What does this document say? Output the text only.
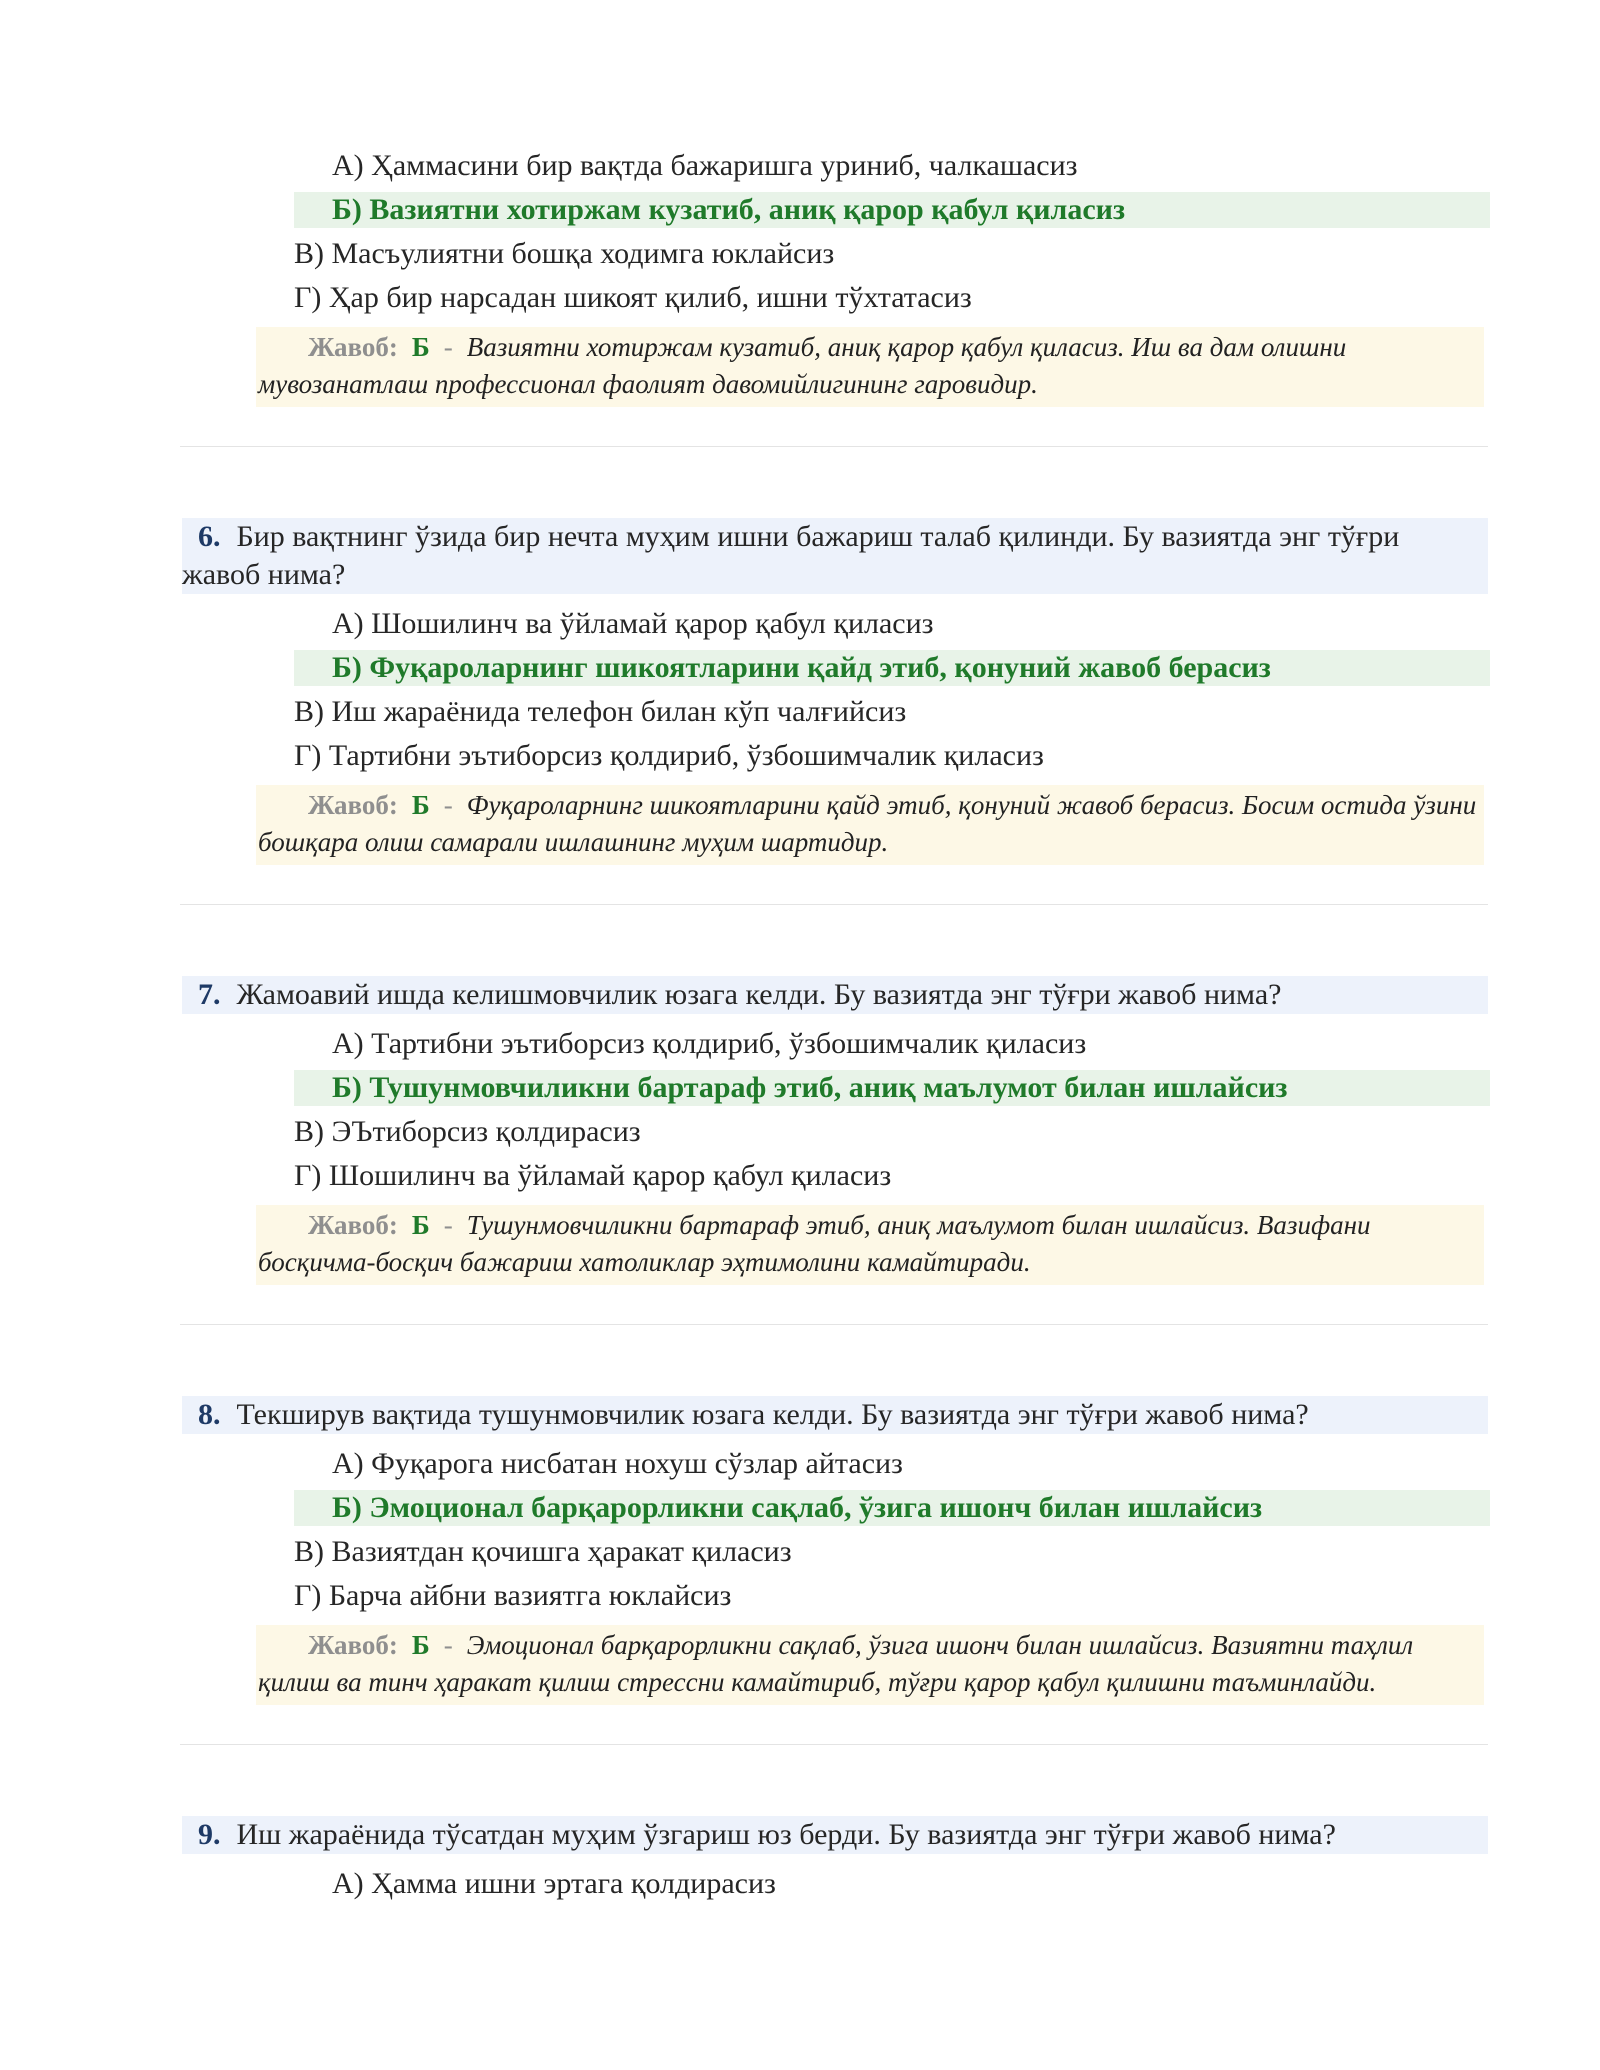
А) Ҳаммасини бир вақтда бажаришга уриниб, чалкашасиз
Б) Вазиятни хотиржам кузатиб, аниқ қарор қабул қиласиз
В) Масъулиятни бошқа ходимга юклайсиз
Г) Ҳар бир нарсадан шикоят қилиб, ишни тўхтатасиз
Жавоб: Б - Вазиятни хотиржам кузатиб, аниқ қарор қабул қиласиз. Иш ва дам олишни мувозанатлаш профессионал фаолият давомийлигининг гаровидир.
6. Бир вақтнинг ўзида бир нечта муҳим ишни бажариш талаб қилинди. Бу вазиятда энг тўғри жавоб нима?
А) Шошилинч ва ўйламай қарор қабул қиласиз
Б) Фуқароларнинг шикоятларини қайд этиб, қонуний жавоб берасиз
В) Иш жараёнида телефон билан кўп чалғийсиз
Г) Тартибни эътиборсиз қолдириб, ўзбошимчалик қиласиз
Жавоб: Б - Фуқароларнинг шикоятларини қайд этиб, қонуний жавоб берасиз. Босим остида ўзини бошқара олиш самарали ишлашнинг муҳим шартидир.
7. Жамоавий ишда келишмовчилик юзага келди. Бу вазиятда энг тўғри жавоб нима?
А) Тартибни эътиборсиз қолдириб, ўзбошимчалик қиласиз
Б) Тушунмовчиликни бартараф этиб, аниқ маълумот билан ишлайсиз
В) ЭЪтиборсиз қолдирасиз
Г) Шошилинч ва ўйламай қарор қабул қиласиз
Жавоб: Б - Тушунмовчиликни бартараф этиб, аниқ маълумот билан ишлайсиз. Вазифани босқичма-босқич бажариш хатоликлар эҳтимолини камайтиради.
8. Текширув вақтида тушунмовчилик юзага келди. Бу вазиятда энг тўғри жавоб нима?
А) Фуқарога нисбатан нохуш сўзлар айтасиз
Б) Эмоционал барқарорликни сақлаб, ўзига ишонч билан ишлайсиз
В) Вазиятдан қочишга ҳаракат қиласиз
Г) Барча айбни вазиятга юклайсиз
Жавоб: Б - Эмоционал барқарорликни сақлаб, ўзига ишонч билан ишлайсиз. Вазиятни таҳлил қилиш ва тинч ҳаракат қилиш стрессни камайтириб, тўғри қарор қабул қилишни таъминлайди.
9. Иш жараёнида тўсатдан муҳим ўзгариш юз берди. Бу вазиятда энг тўғри жавоб нима?
А) Ҳамма ишни эртага қолдирасиз
